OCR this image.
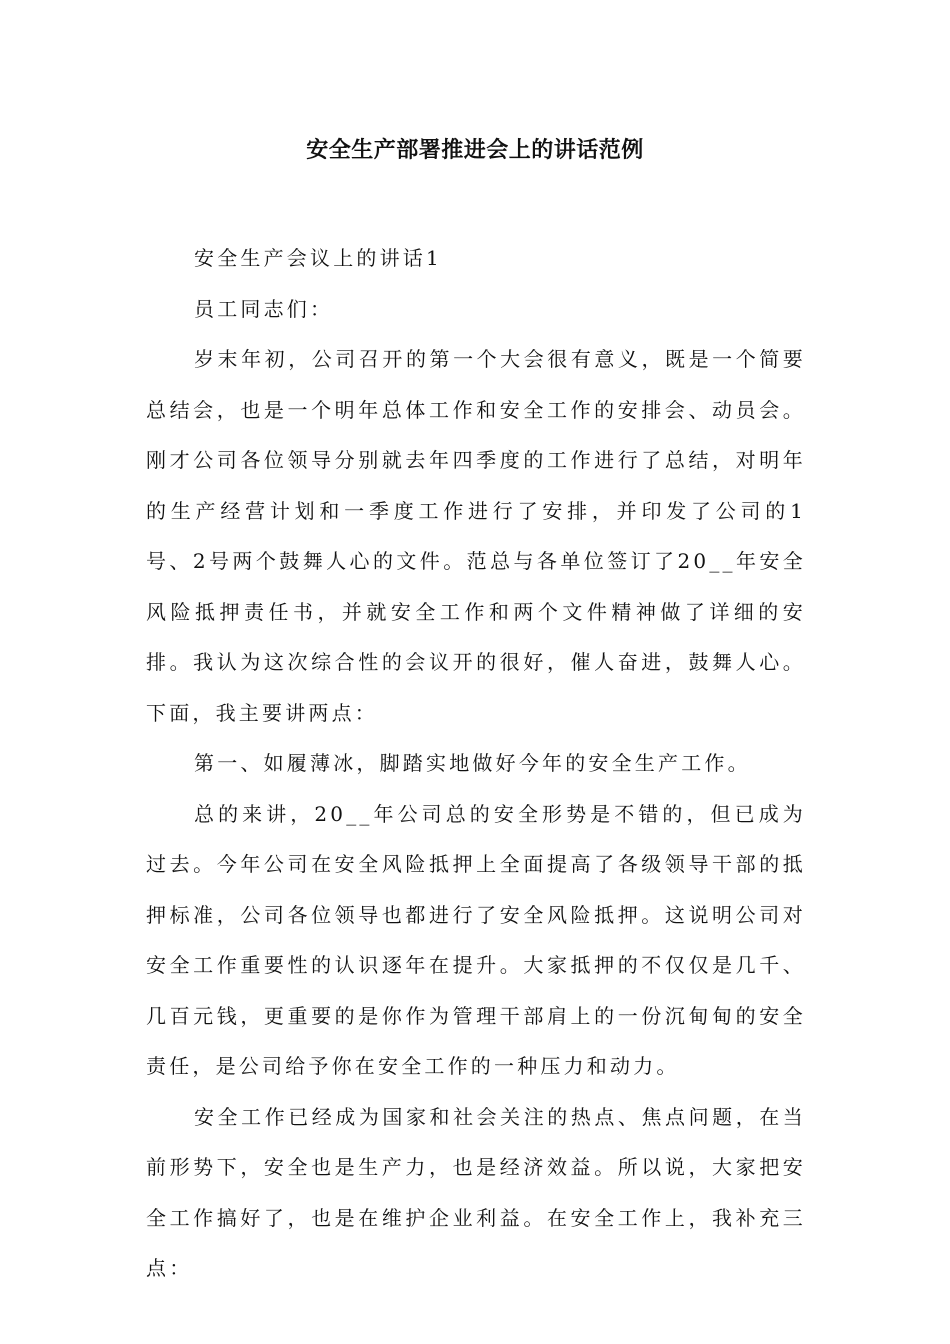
安全生产部署推进会上的讲话范例

安全生产会议上的讲话1

员工同志们：

岁末年初，公司召开的第一个大会很有意义，既是一个简要总结会，也是一个明年总体工作和安全工作的安排会、动员会。刚才公司各位领导分别就去年四季度的工作进行了总结，对明年的生产经营计划和一季度工作进行了安排，并印发了公司的1号、2号两个鼓舞人心的文件。范总与各单位签订了20__年安全风险抵押责任书，并就安全工作和两个文件精神做了详细的安排。我认为这次综合性的会议开的很好，催人奋进，鼓舞人心。下面，我主要讲两点：

第一、如履薄冰，脚踏实地做好今年的安全生产工作。

总的来讲，20__年公司总的安全形势是不错的，但已成为过去。今年公司在安全风险抵押上全面提高了各级领导干部的抵押标准，公司各位领导也都进行了安全风险抵押。这说明公司对安全工作重要性的认识逐年在提升。大家抵押的不仅仅是几千、几百元钱，更重要的是你作为管理干部肩上的一份沉甸甸的安全责任，是公司给予你在安全工作的一种压力和动力。

安全工作已经成为国家和社会关注的热点、焦点问题，在当前形势下，安全也是生产力，也是经济效益。所以说，大家把安全工作搞好了，也是在维护企业利益。在安全工作上，我补充三点：
